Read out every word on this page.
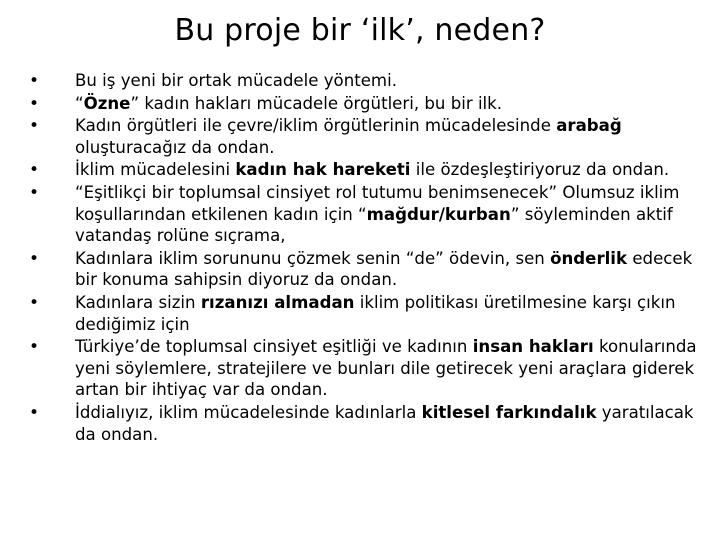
Bu proje bir ‘ilk’, neden?
•
Bu iş yeni bir ortak mücadele yöntemi.
•
“Özne” kadın hakları mücadele örgütleri, bu bir ilk.
•
Kadın örgütleri ile çevre/iklim örgütlerinin mücadelesinde arabağ oluşturacağız da ondan.
•
İklim mücadelesini kadın hak hareketi ile özdeşleştiriyoruz da ondan.
•
“Eşitlikçi bir toplumsal cinsiyet rol tutumu benimsenecek” Olumsuz iklim koşullarından etkilenen kadın için “mağdur/kurban” söyleminden aktif vatandaş rolüne sıçrama,
•
Kadınlara iklim sorununu çözmek senin “de” ödevin, sen önderlik edecek bir konuma sahipsin diyoruz da ondan.
•
Kadınlara sizin rızanızı almadan iklim politikası üretilmesine karşı çıkın dediğimiz için
•
Türkiye’de toplumsal cinsiyet eşitliği ve kadının insan hakları konularında yeni söylemlere, stratejilere ve bunları dile getirecek yeni araçlara giderek artan bir ihtiyaç var da ondan.
•
İddialıyız, iklim mücadelesinde kadınlarla kitlesel farkındalık yaratılacak da ondan.
